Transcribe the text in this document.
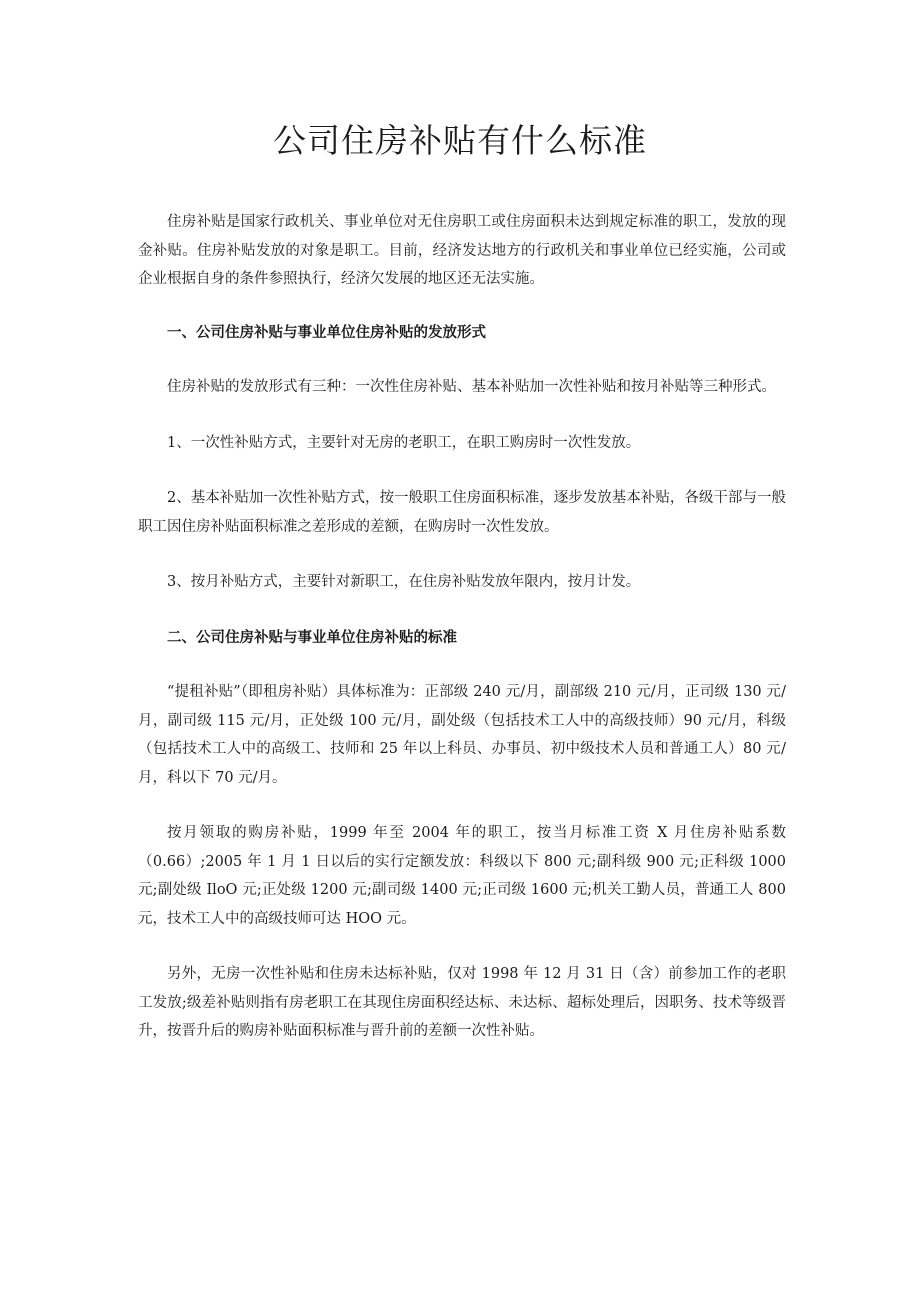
公司住房补贴有什么标准

住房补贴是国家行政机关、事业单位对无住房职工或住房面积未达到规定标准的职工，发放的现金补贴。住房补贴发放的对象是职工。目前，经济发达地方的行政机关和事业单位已经实施，公司或企业根据自身的条件参照执行，经济欠发展的地区还无法实施。

一、公司住房补贴与事业单位住房补贴的发放形式

住房补贴的发放形式有三种：一次性住房补贴、基本补贴加一次性补贴和按月补贴等三种形式。

1、一次性补贴方式，主要针对无房的老职工，在职工购房时一次性发放。

2、基本补贴加一次性补贴方式，按一般职工住房面积标准，逐步发放基本补贴，各级干部与一般职工因住房补贴面积标准之差形成的差额，在购房时一次性发放。

3、按月补贴方式，主要针对新职工，在住房补贴发放年限内，按月计发。

二、公司住房补贴与事业单位住房补贴的标准

“提租补贴”（即租房补贴）具体标准为：正部级 240 元/月，副部级 210 元/月，正司级 130 元/月，副司级 115 元/月，正处级 100 元/月，副处级（包括技术工人中的高级技师）90 元/月，科级（包括技术工人中的高级工、技师和 25 年以上科员、办事员、初中级技术人员和普通工人）80 元/月，科以下 70 元/月。

按月领取的购房补贴，1999 年至 2004 年的职工，按当月标准工资 X 月住房补贴系数（0.66）;2005 年 1 月 1 日以后的实行定额发放：科级以下 800 元;副科级 900 元;正科级 1000 元;副处级 IloO 元;正处级 1200 元;副司级 1400 元;正司级 1600 元;机关工勤人员，普通工人 800 元，技术工人中的高级技师可达 HOO 元。

另外，无房一次性补贴和住房未达标补贴，仅对 1998 年 12 月 31 日（含）前参加工作的老职工发放;级差补贴则指有房老职工在其现住房面积经达标、未达标、超标处理后，因职务、技术等级晋升，按晋升后的购房补贴面积标准与晋升前的差额一次性补贴。
